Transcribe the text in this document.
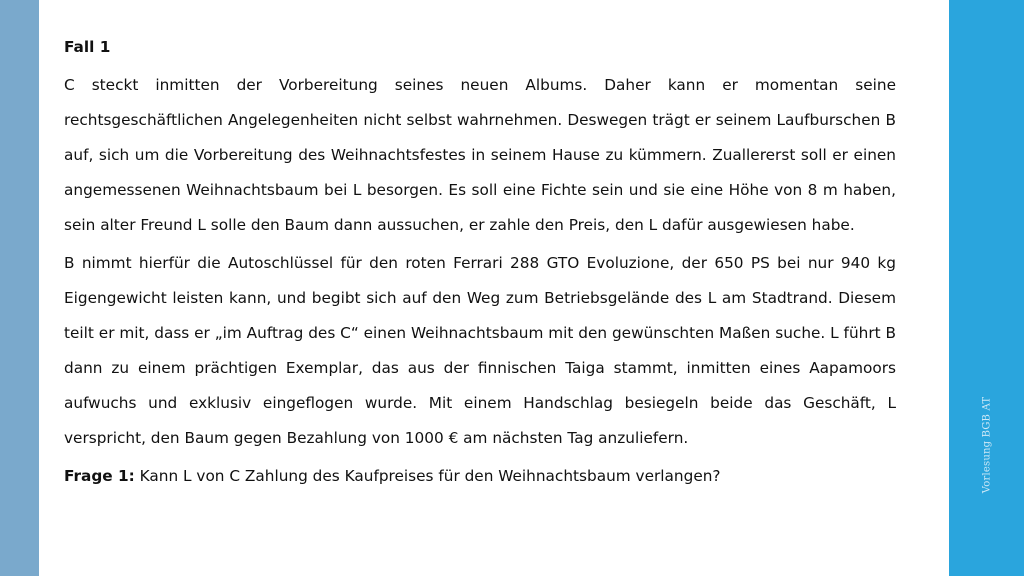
Fall 1

C steckt inmitten der Vorbereitung seines neuen Albums. Daher kann er momentan seine rechtsgeschäftlichen Angelegenheiten nicht selbst wahrnehmen. Deswegen trägt er seinem Laufburschen B auf, sich um die Vorbereitung des Weihnachtsfestes in seinem Hause zu kümmern. Zuallererst soll er einen angemessenen Weihnachtsbaum bei L besorgen. Es soll eine Fichte sein und sie eine Höhe von 8 m haben, sein alter Freund L solle den Baum dann aussuchen, er zahle den Preis, den L dafür ausgewiesen habe.

B nimmt hierfür die Autoschlüssel für den roten Ferrari 288 GTO Evoluzione, der 650 PS bei nur 940 kg Eigengewicht leisten kann, und begibt sich auf den Weg zum Betriebsgelände des L am Stadtrand. Diesem teilt er mit, dass er „im Auftrag des C“ einen Weihnachtsbaum mit den gewünschten Maßen suche. L führt B dann zu einem prächtigen Exemplar, das aus der finnischen Taiga stammt, inmitten eines Aapamoors aufwuchs und exklusiv eingeflogen wurde. Mit einem Handschlag besiegeln beide das Geschäft, L verspricht, den Baum gegen Bezahlung von 1000 € am nächsten Tag anzuliefern.

Frage 1: Kann L von C Zahlung des Kaufpreises für den Weihnachtsbaum verlangen?	Vorlesung BGB AT
